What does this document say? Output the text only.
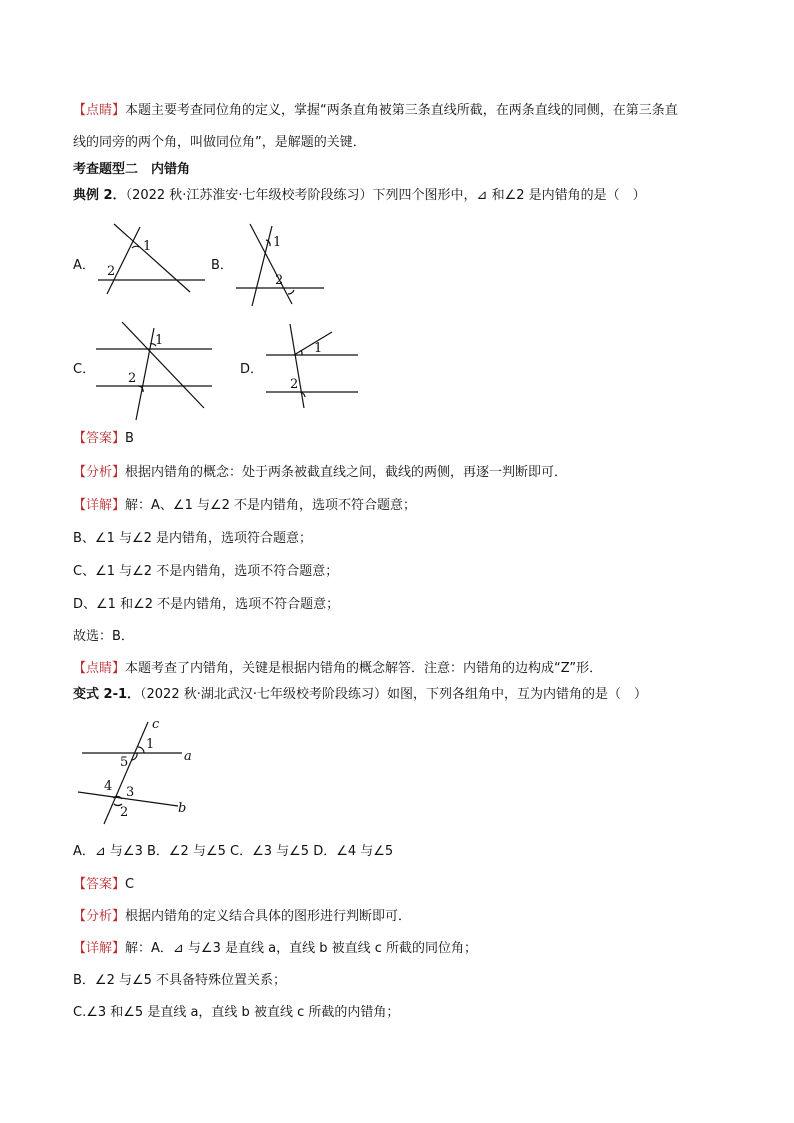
【点睛】本题主要考查同位角的定义，掌握“两条直角被第三条直线所截，在两条直线的同侧，在第三条直
线的同旁的两个角，叫做同位角”，是解题的关键．
考查题型二　内错角
典例 2．（2022 秋·江苏淮安·七年级校考阶段练习）下列四个图形中，⊿ 和∠2 是内错角的是（　）
A．
1
2	B．
1
2
C．
1
2
D．
1
2
【答案】B
【分析】根据内错角的概念：处于两条被截直线之间，截线的两侧，再逐一判断即可．
【详解】解：A、∠1 与∠2 不是内错角，选项不符合题意；
B、∠1 与∠2 是内错角，选项符合题意；
C、∠1 与∠2 不是内错角，选项不符合题意；
D、∠1 和∠2 不是内错角，选项不符合题意；
故选：B．
【点睛】本题考查了内错角，关键是根据内错角的概念解答．注意：内错角的边构成“Z”形．
变式 2-1．（2022 秋·湖北武汉·七年级校考阶段练习）如图，下列各组角中，互为内错角的是（　）
c
a
b
1
5
4 3
2
A．⊿ 与∠3 B．∠2 与∠5 C．∠3 与∠5 D．∠4 与∠5
【答案】C
【分析】根据内错角的定义结合具体的图形进行判断即可．
【详解】解：A．⊿ 与∠3 是直线 a，直线 b 被直线 c 所截的同位角；
B．∠2 与∠5 不具备特殊位置关系；
C.∠3 和∠5 是直线 a，直线 b 被直线 c 所截的内错角；
